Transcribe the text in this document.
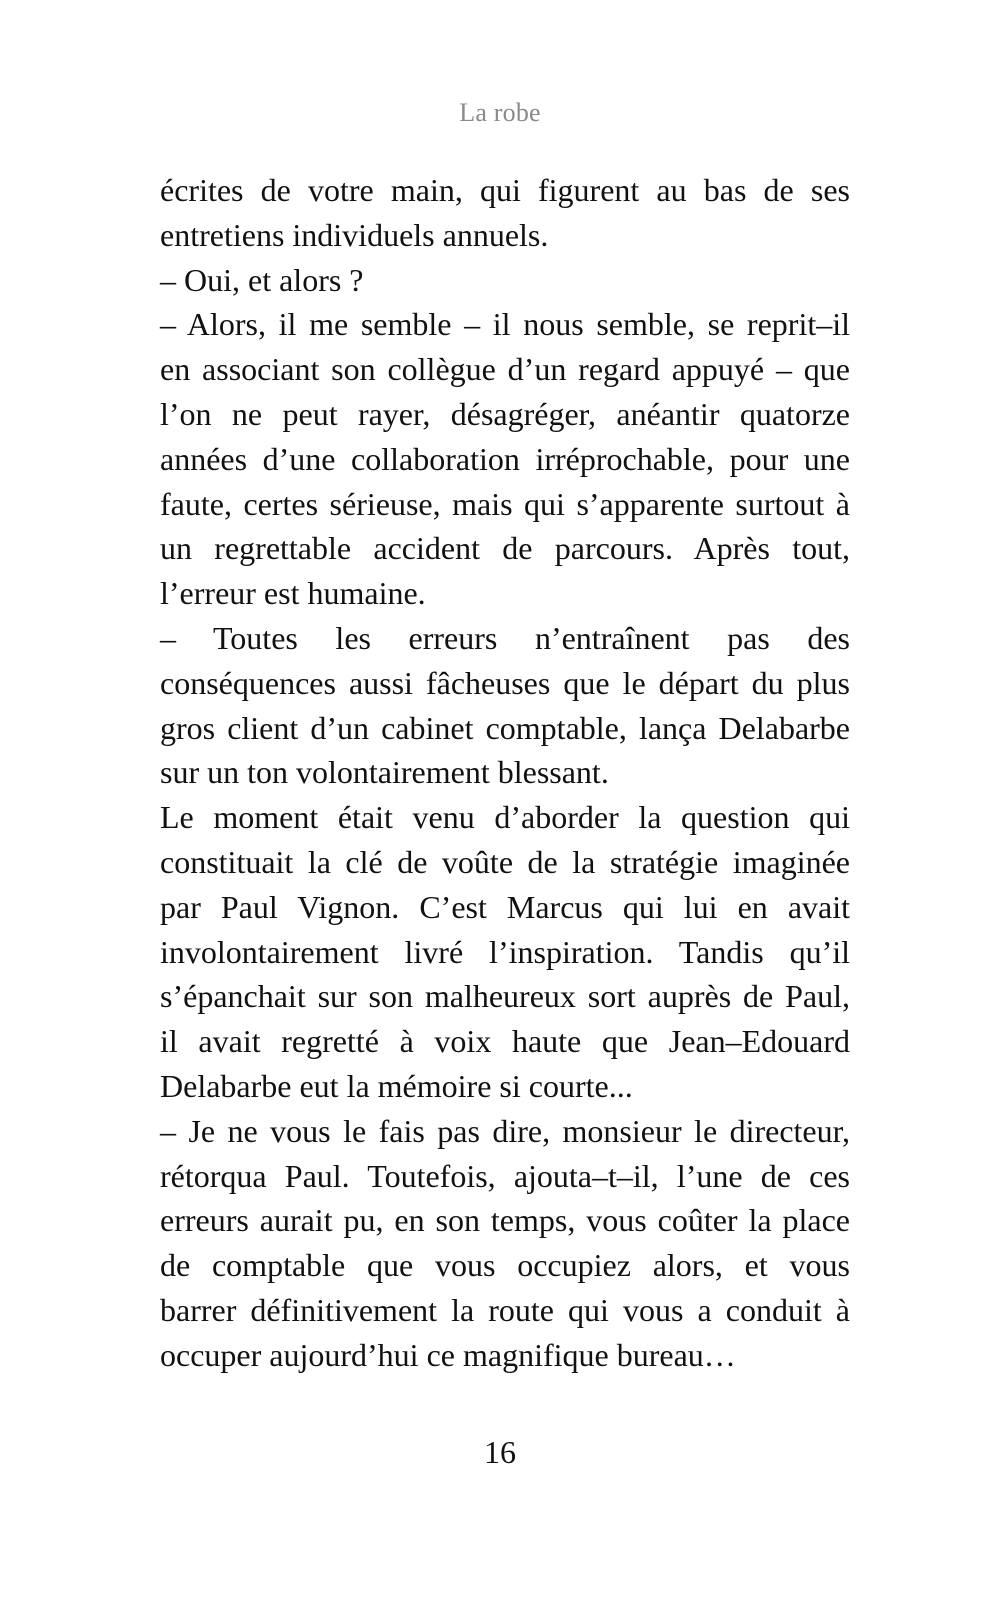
La robe
écrites de votre main, qui figurent au bas de ses
entretiens individuels annuels.
– Oui, et alors ?
– Alors, il me semble – il nous semble, se reprit–il
en associant son collègue d’un regard appuyé – que
l’on ne peut rayer, désagréger, anéantir quatorze
années d’une collaboration irréprochable, pour une
faute, certes sérieuse, mais qui s’apparente surtout à
un regrettable accident de parcours. Après tout,
l’erreur est humaine.
– Toutes les erreurs n’entraînent pas des
conséquences aussi fâcheuses que le départ du plus
gros client d’un cabinet comptable, lança Delabarbe
sur un ton volontairement blessant.
Le moment était venu d’aborder la question qui
constituait la clé de voûte de la stratégie imaginée
par Paul Vignon. C’est Marcus qui lui en avait
involontairement livré l’inspiration. Tandis qu’il
s’épanchait sur son malheureux sort auprès de Paul,
il avait regretté à voix haute que Jean–Edouard
Delabarbe eut la mémoire si courte...
– Je ne vous le fais pas dire, monsieur le directeur,
rétorqua Paul. Toutefois, ajouta–t–il, l’une de ces
erreurs aurait pu, en son temps, vous coûter la place
de comptable que vous occupiez alors, et vous
barrer définitivement la route qui vous a conduit à
occuper aujourd’hui ce magnifique bureau…
16
